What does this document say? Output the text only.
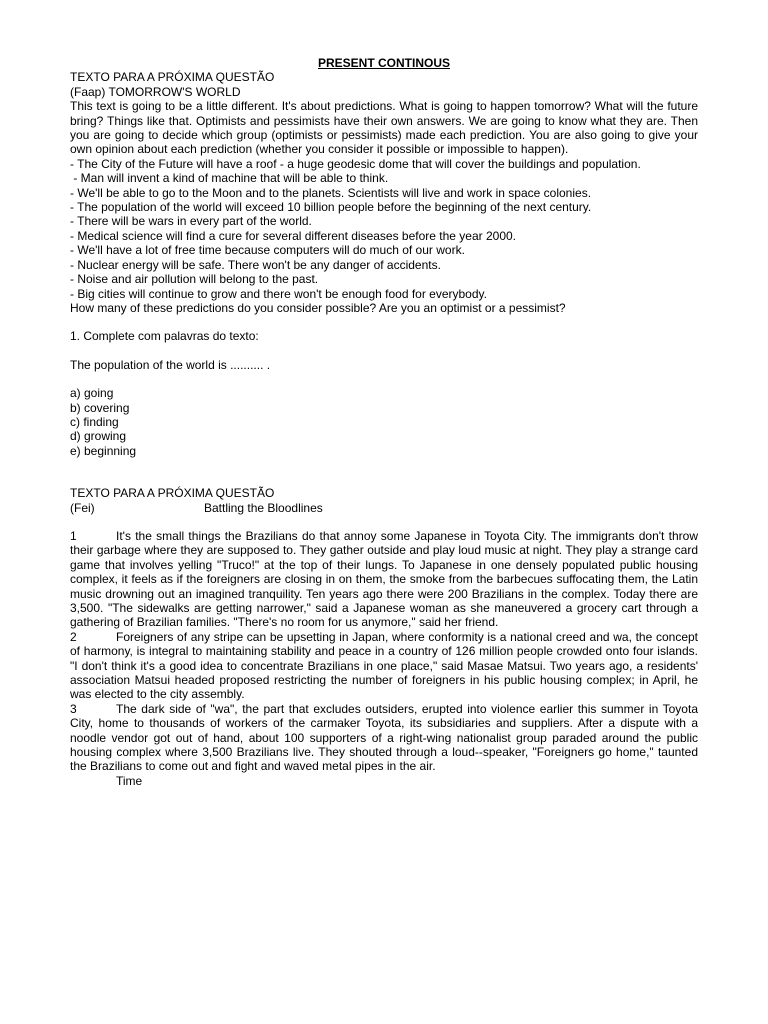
PRESENT CONTINOUS

TEXTO PARA A PRÓXIMA QUESTÃO

(Faap) TOMORROW'S WORLD

This text is going to be a little different. It's about predictions. What is going to happen tomorrow? What will the future bring? Things like that. Optimists and pessimists have their own answers. We are going to know what they are. Then you are going to decide which group (optimists or pessimists) made each prediction. You are also going to give your own opinion about each prediction (whether you consider it possible or impossible to happen).

- The City of the Future will have a roof - a huge geodesic dome that will cover the buildings and population.
- Man will invent a kind of machine that will be able to think.
- We'll be able to go to the Moon and to the planets. Scientists will live and work in space colonies.
- The population of the world will exceed 10 billion people before the beginning of the next century.
- There will be wars in every part of the world.
- Medical science will find a cure for several different diseases before the year 2000.
- We'll have a lot of free time because computers will do much of our work.
- Nuclear energy will be safe. There won't be any danger of accidents.
- Noise and air pollution will belong to the past.
- Big cities will continue to grow and there won't be enough food for everybody.

How many of these predictions do you consider possible? Are you an optimist or a pessimist?

1. Complete com palavras do texto:

The population of the world is .......... .

a) going
b) covering
c) finding
d) growing
e) beginning

TEXTO PARA A PRÓXIMA QUESTÃO

(Fei)	Battling the Bloodlines

1	It's the small things the Brazilians do that annoy some Japanese in Toyota City. The immigrants don't throw their garbage where they are supposed to. They gather outside and play loud music at night. They play a strange card game that involves yelling "Truco!" at the top of their lungs. To Japanese in one densely populated public housing complex, it feels as if the foreigners are closing in on them, the smoke from the barbecues suffocating them, the Latin music drowning out an imagined tranquility. Ten years ago there were 200 Brazilians in the complex. Today there are 3,500. "The sidewalks are getting narrower," said a Japanese woman as she maneuvered a grocery cart through a gathering of Brazilian families. "There's no room for us anymore," said her friend.

2	Foreigners of any stripe can be upsetting in Japan, where conformity is a national creed and wa, the concept of harmony, is integral to maintaining stability and peace in a country of 126 million people crowded onto four islands. "I don't think it's a good idea to concentrate Brazilians in one place," said Masae Matsui. Two years ago, a residents' association Matsui headed proposed restricting the number of foreigners in his public housing complex; in April, he was elected to the city assembly.

3	The dark side of "wa", the part that excludes outsiders, erupted into violence earlier this summer in Toyota City, home to thousands of workers of the carmaker Toyota, its subsidiaries and suppliers. After a dispute with a noodle vendor got out of hand, about 100 supporters of a right-wing nationalist group paraded around the public housing complex where 3,500 Brazilians live. They shouted through a loud--speaker, "Foreigners go home," taunted the Brazilians to come out and fight and waved metal pipes in the air.

Time
